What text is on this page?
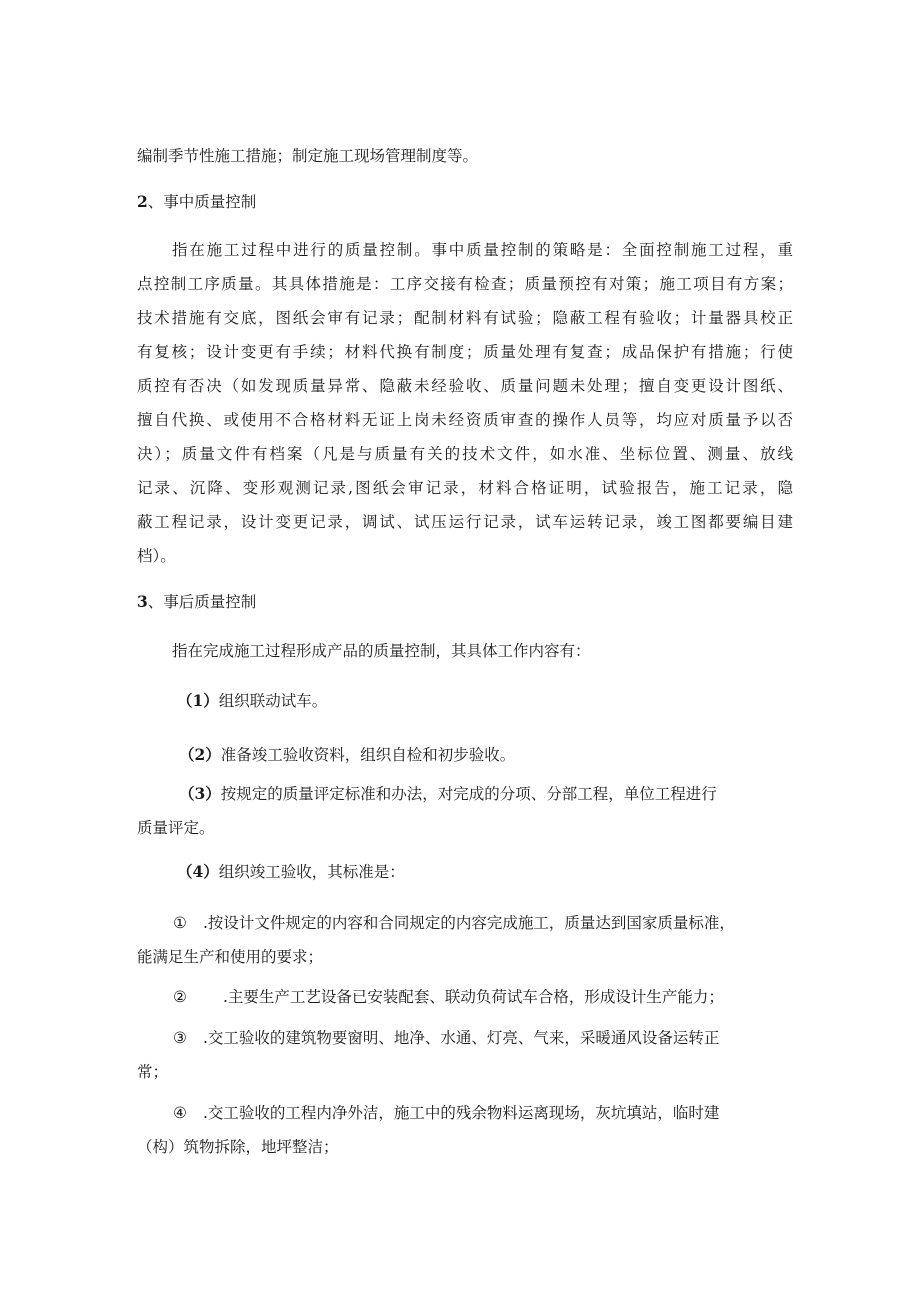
编制季节性施工措施；制定施工现场管理制度等。
2、事中质量控制
指在施工过程中进行的质量控制。事中质量控制的策略是：全面控制施工过程，重
点控制工序质量。其具体措施是：工序交接有检查；质量预控有对策；施工项目有方案；
技术措施有交底，图纸会审有记录；配制材料有试验；隐蔽工程有验收；计量器具校正
有复核；设计变更有手续；材料代换有制度；质量处理有复查；成品保护有措施；行使
质控有否决（如发现质量异常、隐蔽未经验收、质量问题未处理；擅自变更设计图纸、
擅自代换、或使用不合格材料无证上岗未经资质审查的操作人员等，均应对质量予以否
决）；质量文件有档案（凡是与质量有关的技术文件，如水准、坐标位置、测量、放线
记录、沉降、变形观测记录,图纸会审记录，材料合格证明，试验报告，施工记录，隐
蔽工程记录，设计变更记录，调试、试压运行记录，试车运转记录，竣工图都要编目建
档）。
3、事后质量控制
指在完成施工过程形成产品的质量控制，其具体工作内容有：
（1）组织联动试车。
（2）准备竣工验收资料，组织自检和初步验收。
（3）按规定的质量评定标准和办法，对完成的分项、分部工程，单位工程进行
质量评定。
（4）组织竣工验收，其标准是：
① .按设计文件规定的内容和合同规定的内容完成施工，质量达到国家质量标准，
能满足生产和使用的要求；
② .主要生产工艺设备已安装配套、联动负荷试车合格，形成设计生产能力；
③ .交工验收的建筑物要窗明、地净、水通、灯亮、气来，采暖通风设备运转正
常；
④ .交工验收的工程内净外洁，施工中的残余物料运离现场，灰坑填站，临时建
（构）筑物拆除，地坪整洁；
